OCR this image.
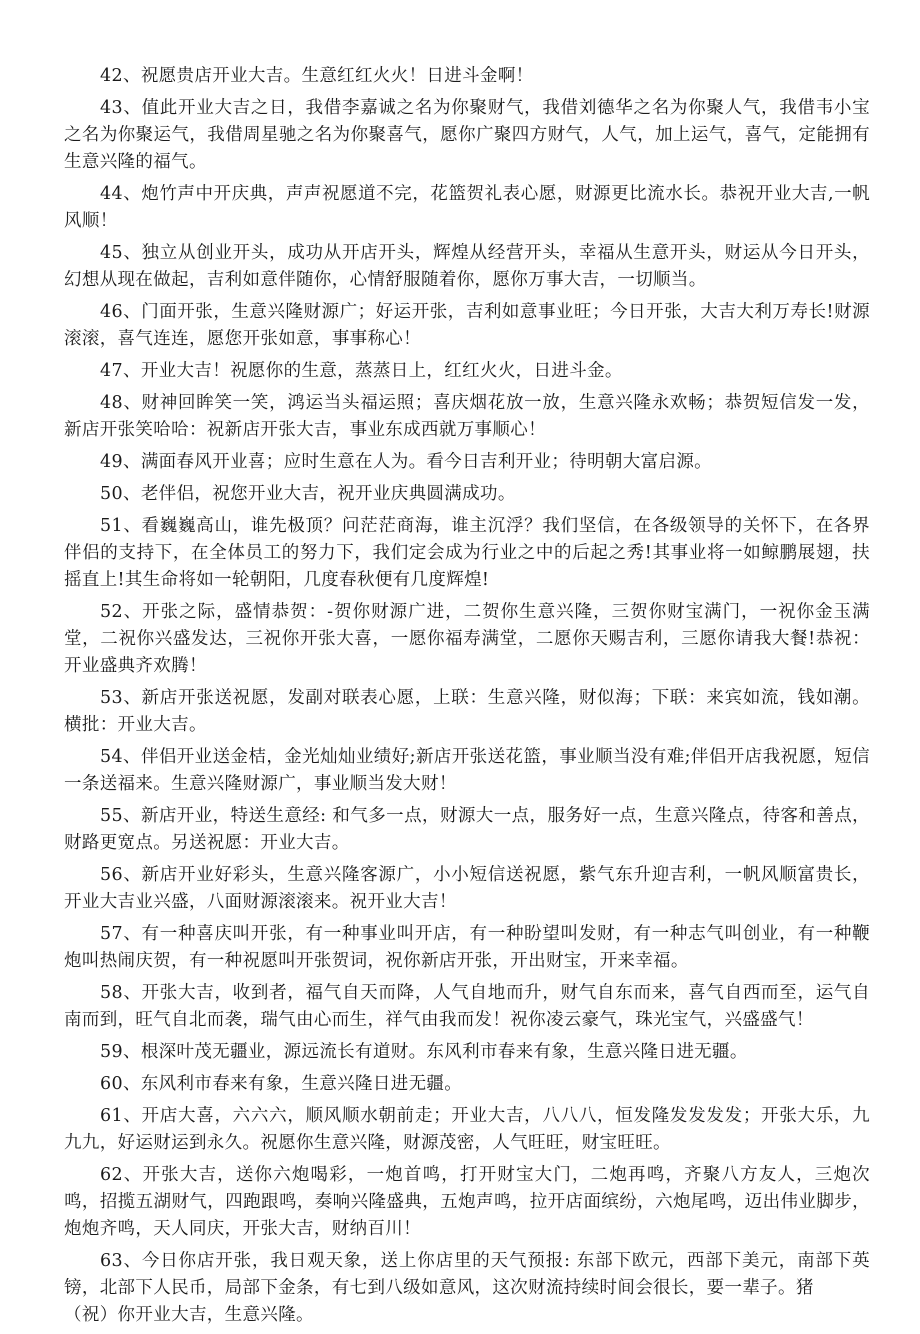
42、祝愿贵店开业大吉。生意红红火火！日进斗金啊！

43、值此开业大吉之日，我借李嘉诚之名为你聚财气，我借刘德华之名为你聚人气，我借韦小宝之名为你聚运气，我借周星驰之名为你聚喜气，愿你广聚四方财气，人气，加上运气，喜气，定能拥有生意兴隆的福气。

44、炮竹声中开庆典，声声祝愿道不完，花篮贺礼表心愿，财源更比流水长。恭祝开业大吉,一帆风顺！

45、独立从创业开头，成功从开店开头，辉煌从经营开头，幸福从生意开头，财运从今日开头，幻想从现在做起，吉利如意伴随你，心情舒服随着你，愿你万事大吉，一切顺当。

46、门面开张，生意兴隆财源广；好运开张，吉利如意事业旺；今日开张，大吉大利万寿长!财源滚滚，喜气连连，愿您开张如意，事事称心！

47、开业大吉！祝愿你的生意，蒸蒸日上，红红火火，日进斗金。

48、财神回眸笑一笑，鸿运当头福运照；喜庆烟花放一放，生意兴隆永欢畅；恭贺短信发一发，新店开张笑哈哈：祝新店开张大吉，事业东成西就万事顺心！

49、满面春风开业喜；应时生意在人为。看今日吉利开业；待明朝大富启源。

50、老伴侣，祝您开业大吉，祝开业庆典圆满成功。

51、看巍巍高山，谁先极顶？问茫茫商海，谁主沉浮？我们坚信，在各级领导的关怀下，在各界伴侣的支持下，在全体员工的努力下，我们定会成为行业之中的后起之秀!其事业将一如鲸鹏展翅，扶摇直上!其生命将如一轮朝阳，几度春秋便有几度辉煌!

52、开张之际，盛情恭贺：-贺你财源广进，二贺你生意兴隆，三贺你财宝满门，一祝你金玉满堂，二祝你兴盛发达，三祝你开张大喜，一愿你福寿满堂，二愿你天赐吉利，三愿你请我大餐!恭祝：开业盛典齐欢腾！

53、新店开张送祝愿，发副对联表心愿，上联：生意兴隆，财似海；下联：来宾如流，钱如潮。横批：开业大吉。

54、伴侣开业送金桔，金光灿灿业绩好;新店开张送花篮，事业顺当没有难;伴侣开店我祝愿，短信一条送福来。生意兴隆财源广，事业顺当发大财！

55、新店开业，特送生意经: 和气多一点，财源大一点，服务好一点，生意兴隆点，待客和善点，财路更宽点。另送祝愿：开业大吉。

56、新店开业好彩头，生意兴隆客源广，小小短信送祝愿，紫气东升迎吉利，一帆风顺富贵长，开业大吉业兴盛，八面财源滚滚来。祝开业大吉！

57、有一种喜庆叫开张，有一种事业叫开店，有一种盼望叫发财，有一种志气叫创业，有一种鞭炮叫热闹庆贺，有一种祝愿叫开张贺词，祝你新店开张，开出财宝，开来幸福。

58、开张大吉，收到者，福气自天而降，人气自地而升，财气自东而来，喜气自西而至，运气自南而到，旺气自北而袭，瑞气由心而生，祥气由我而发！祝你凌云豪气，珠光宝气，兴盛盛气！

59、根深叶茂无疆业，源远流长有道财。东风利市春来有象，生意兴隆日进无疆。

60、东风利市春来有象，生意兴隆日进无疆。

61、开店大喜，六六六，顺风顺水朝前走；开业大吉，八八八，恒发隆发发发发；开张大乐，九九九，好运财运到永久。祝愿你生意兴隆，财源茂密，人气旺旺，财宝旺旺。

62、开张大吉，送你六炮喝彩，一炮首鸣，打开财宝大门，二炮再鸣，齐聚八方友人，三炮次鸣，招揽五湖财气，四跑跟鸣，奏响兴隆盛典，五炮声鸣，拉开店面缤纷，六炮尾鸣，迈出伟业脚步，炮炮齐鸣，天人同庆，开张大吉，财纳百川！

63、今日你店开张，我日观天象，送上你店里的天气预报: 东部下欧元，西部下美元，南部下英镑，北部下人民币，局部下金条，有七到八级如意风，这次财流持续时间会很长，要一辈子。猪

（祝）你开业大吉，生意兴隆。
